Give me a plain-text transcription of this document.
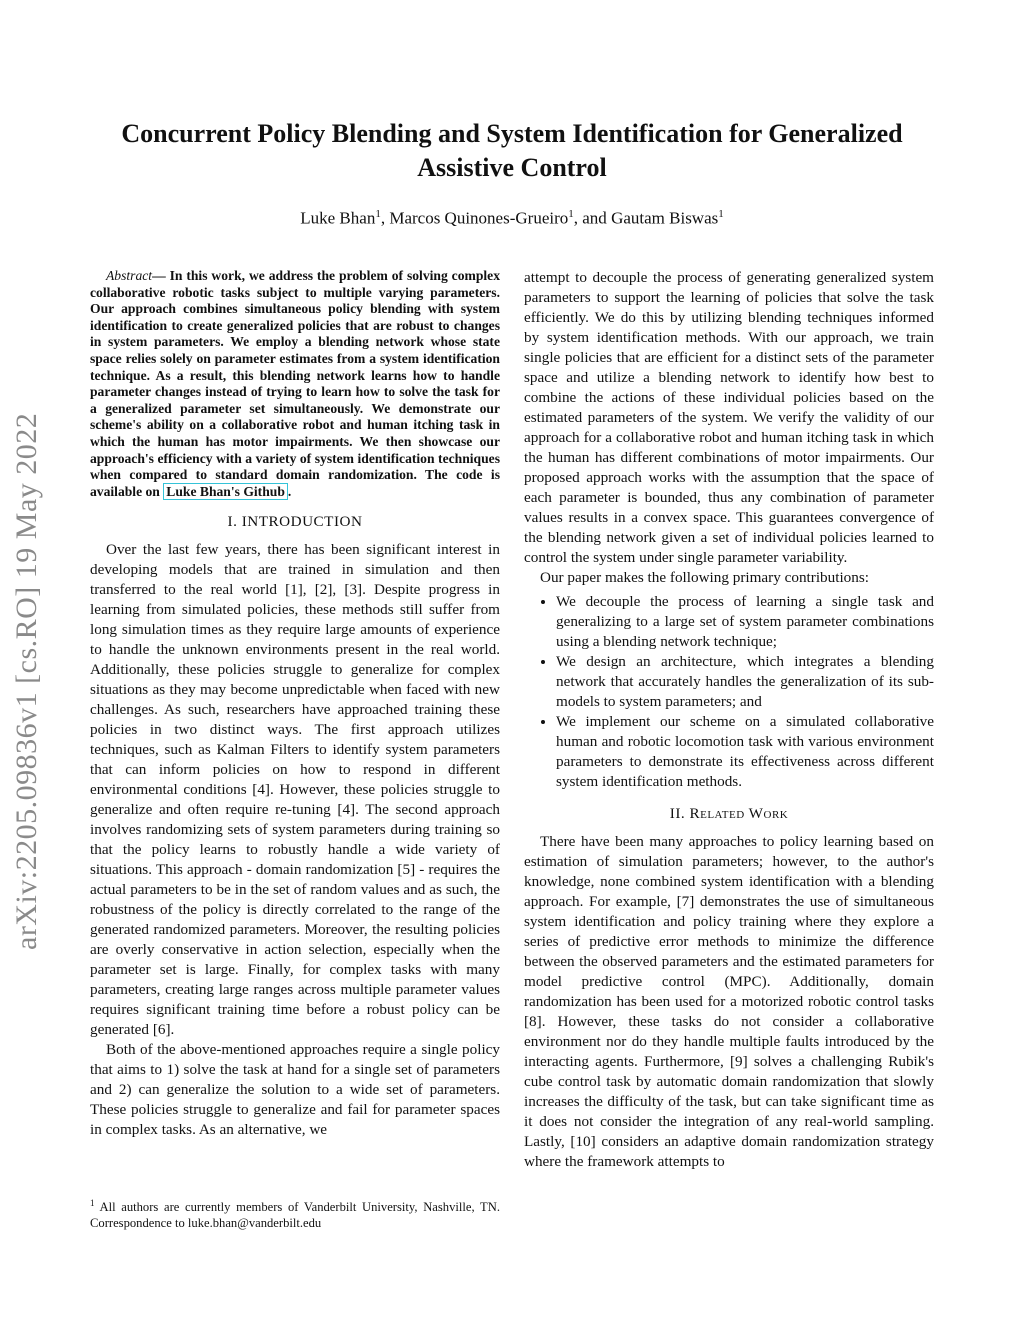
arXiv:2205.09836v1 [cs.RO] 19 May 2022
Concurrent Policy Blending and System Identification for Generalized Assistive Control

Luke Bhan$^1$, Marcos Quinones-Grueiro$^1$, and Gautam Biswas$^1$

Abstract— In this work, we address the problem of solving complex collaborative robotic tasks subject to multiple varying parameters. Our approach combines simultaneous policy blending with system identification to create generalized policies that are robust to changes in system parameters. We employ a blending network whose state space relies solely on parameter estimates from a system identification technique. As a result, this blending network learns how to handle parameter changes instead of trying to learn how to solve the task for a generalized parameter set simultaneously. We demonstrate our scheme's ability on a collaborative robot and human itching task in which the human has motor impairments. We then showcase our approach's efficiency with a variety of system identification techniques when compared to standard domain randomization. The code is available on Luke Bhan's Github .

I. INTRODUCTION

Over the last few years, there has been significant interest in developing models that are trained in simulation and then transferred to the real world [1], [2], [3]. Despite progress in learning from simulated policies, these methods still suffer from long simulation times as they require large amounts of experience to handle the unknown environments present in the real world. Additionally, these policies struggle to generalize for complex situations as they may become unpredictable when faced with new challenges. As such, researchers have approached training these policies in two distinct ways. The first approach utilizes techniques, such as Kalman Filters to identify system parameters that can inform policies on how to respond in different environmental conditions [4]. However, these policies struggle to generalize and often require re-tuning [4]. The second approach involves randomizing sets of system parameters during training so that the policy learns to robustly handle a wide variety of situations. This approach - domain randomization [5] - requires the actual parameters to be in the set of random values and as such, the robustness of the policy is directly correlated to the range of the generated randomized parameters. Moreover, the resulting policies are overly conservative in action selection, especially when the parameter set is large. Finally, for complex tasks with many parameters, creating large ranges across multiple parameter values requires significant training time before a robust policy can be generated [6].

Both of the above-mentioned approaches require a single policy that aims to 1) solve the task at hand for a single set of parameters and 2) can generalize the solution to a wide set of parameters. These policies struggle to generalize and fail for parameter spaces in complex tasks. As an alternative, we

attempt to decouple the process of generating generalized system parameters to support the learning of policies that solve the task efficiently. We do this by utilizing blending techniques informed by system identification methods. With our approach, we train single policies that are efficient for a distinct sets of the parameter space and utilize a blending network to identify how best to combine the actions of these individual policies based on the estimated parameters of the system. We verify the validity of our approach for a collaborative robot and human itching task in which the human has different combinations of motor impairments. Our proposed approach works with the assumption that the space of each parameter is bounded, thus any combination of parameter values results in a convex space. This guarantees convergence of the blending network given a set of individual policies learned to control the system under single parameter variability.

Our paper makes the following primary contributions:

• We decouple the process of learning a single task and generalizing to a large set of system parameter combinations using a blending network technique;
• We design an architecture, which integrates a blending network that accurately handles the generalization of its sub-models to system parameters; and
• We implement our scheme on a simulated collaborative human and robotic locomotion task with various environment parameters to demonstrate its effectiveness across different system identification methods.
II. Related Work

There have been many approaches to policy learning based on estimation of simulation parameters; however, to the author's knowledge, none combined system identification with a blending approach. For example, [7] demonstrates the use of simultaneous system identification and policy training where they explore a series of predictive error methods to minimize the difference between the observed parameters and the estimated parameters for model predictive control (MPC). Additionally, domain randomization has been used for a motorized robotic control tasks [8]. However, these tasks do not consider a collaborative environment nor do they handle multiple faults introduced by the interacting agents. Furthermore, [9] solves a challenging Rubik's cube control task by automatic domain randomization that slowly increases the difficulty of the task, but can take significant time as it does not consider the integration of any real-world sampling. Lastly, [10] considers an adaptive domain randomization strategy where the framework attempts to

$^1$ All authors are currently members of Vanderbilt University, Nashville, TN. Correspondence to luke.bhan@vanderbilt.edu
